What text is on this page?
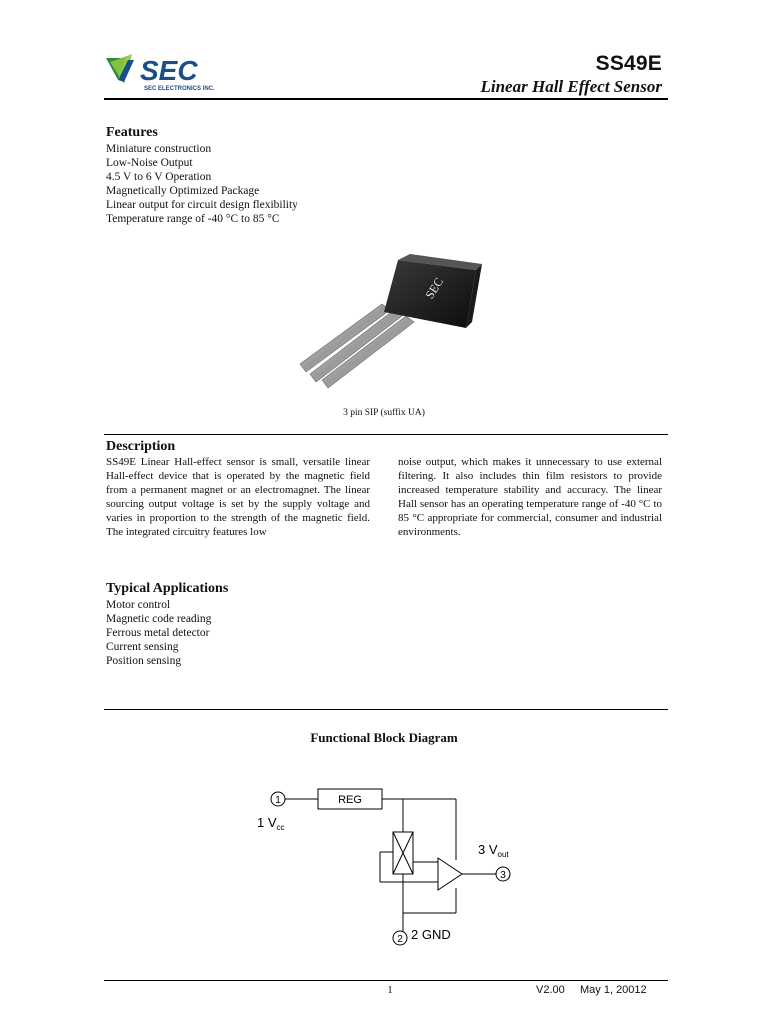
SEC
SEC ELECTRONICS INC.
SS49E
Linear Hall Effect Sensor
Features
Miniature construction
Low-Noise Output
4.5 V to 6 V Operation
Magnetically Optimized Package
Linear output for circuit design flexibility
Temperature range of -40 °C to 85 °C
SEC
3 pin SIP (suffix UA)
Description
SS49E Linear Hall-effect sensor is small, versatile linear Hall-effect device that is operated by the magnetic field from a permanent magnet or an electromagnet. The linear sourcing output voltage is set by the supply voltage and varies in proportion to the strength of the magnetic field. The integrated circuitry features low
noise output, which makes it unnecessary to use external filtering. It also includes thin film resistors to provide increased temperature stability and accuracy. The linear Hall sensor has an operating temperature range of -40 °C to 85 °C appropriate for commercial, consumer and industrial environments.
Typical Applications
Motor control
Magnetic code reading
Ferrous metal detector
Current sensing
Position sensing
Functional Block Diagram
1
3
2
REG
1 $V_{cc}$
3 $V_{out}$
2 GND
1	V2.00 May 1, 20012
